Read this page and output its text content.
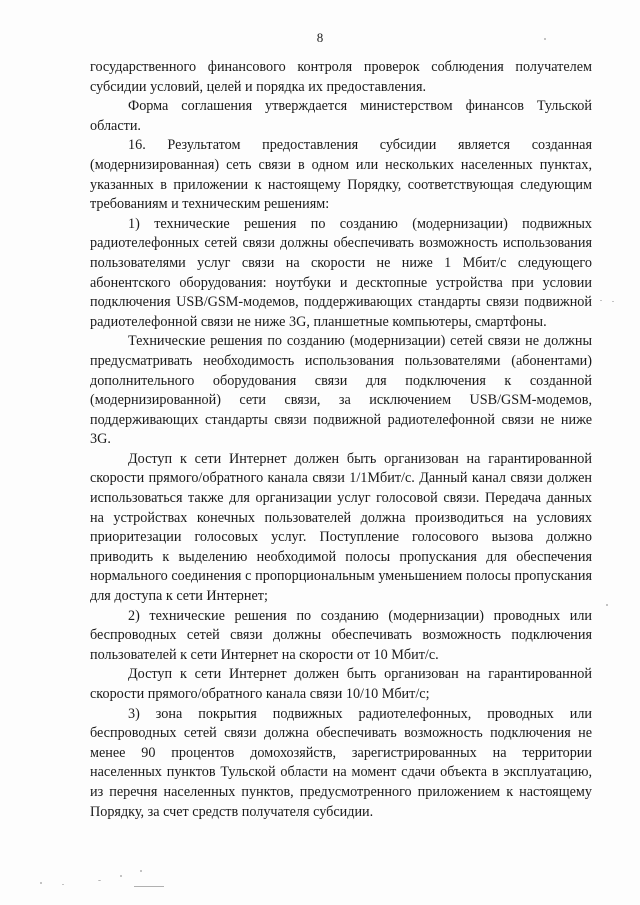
8

государственного финансового контроля проверок соблюдения получателем субсидии условий, целей и порядка их предоставления.

Форма соглашения утверждается министерством финансов Тульской области.

16. Результатом предоставления субсидии является созданная (модернизированная) сеть связи в одном или нескольких населенных пунктах, указанных в приложении к настоящему Порядку, соответствующая следующим требованиям и техническим решениям:

1) технические решения по созданию (модернизации) подвижных радиотелефонных сетей связи должны обеспечивать возможность использования пользователями услуг связи на скорости не ниже 1 Мбит/с следующего абонентского оборудования: ноутбуки и десктопные устройства при условии подключения USB/GSM-модемов, поддерживающих стандарты связи подвижной радиотелефонной связи не ниже 3G, планшетные компьютеры, смартфоны.

Технические решения по созданию (модернизации) сетей связи не должны предусматривать необходимость использования пользователями (абонентами) дополнительного оборудования связи для подключения к созданной (модернизированной) сети связи, за исключением USB/GSM-модемов, поддерживающих стандарты связи подвижной радиотелефонной связи не ниже 3G.

Доступ к сети Интернет должен быть организован на гарантированной скорости прямого/обратного канала связи 1/1Мбит/с. Данный канал связи должен использоваться также для организации услуг голосовой связи. Передача данных на устройствах конечных пользователей должна производиться на условиях приоритезации голосовых услуг. Поступление голосового вызова должно приводить к выделению необходимой полосы пропускания для обеспечения нормального соединения с пропорциональным уменьшением полосы пропускания для доступа к сети Интернет;

2) технические решения по созданию (модернизации) проводных или беспроводных сетей связи должны обеспечивать возможность подключения пользователей к сети Интернет на скорости от 10 Мбит/с.

Доступ к сети Интернет должен быть организован на гарантированной скорости прямого/обратного канала связи 10/10 Мбит/с;

3) зона покрытия подвижных радиотелефонных, проводных или беспроводных сетей связи должна обеспечивать возможность подключения не менее 90 процентов домохозяйств, зарегистрированных на территории населенных пунктов Тульской области на момент сдачи объекта в эксплуатацию, из перечня населенных пунктов, предусмотренного приложением к настоящему Порядку, за счет средств получателя субсидии.
